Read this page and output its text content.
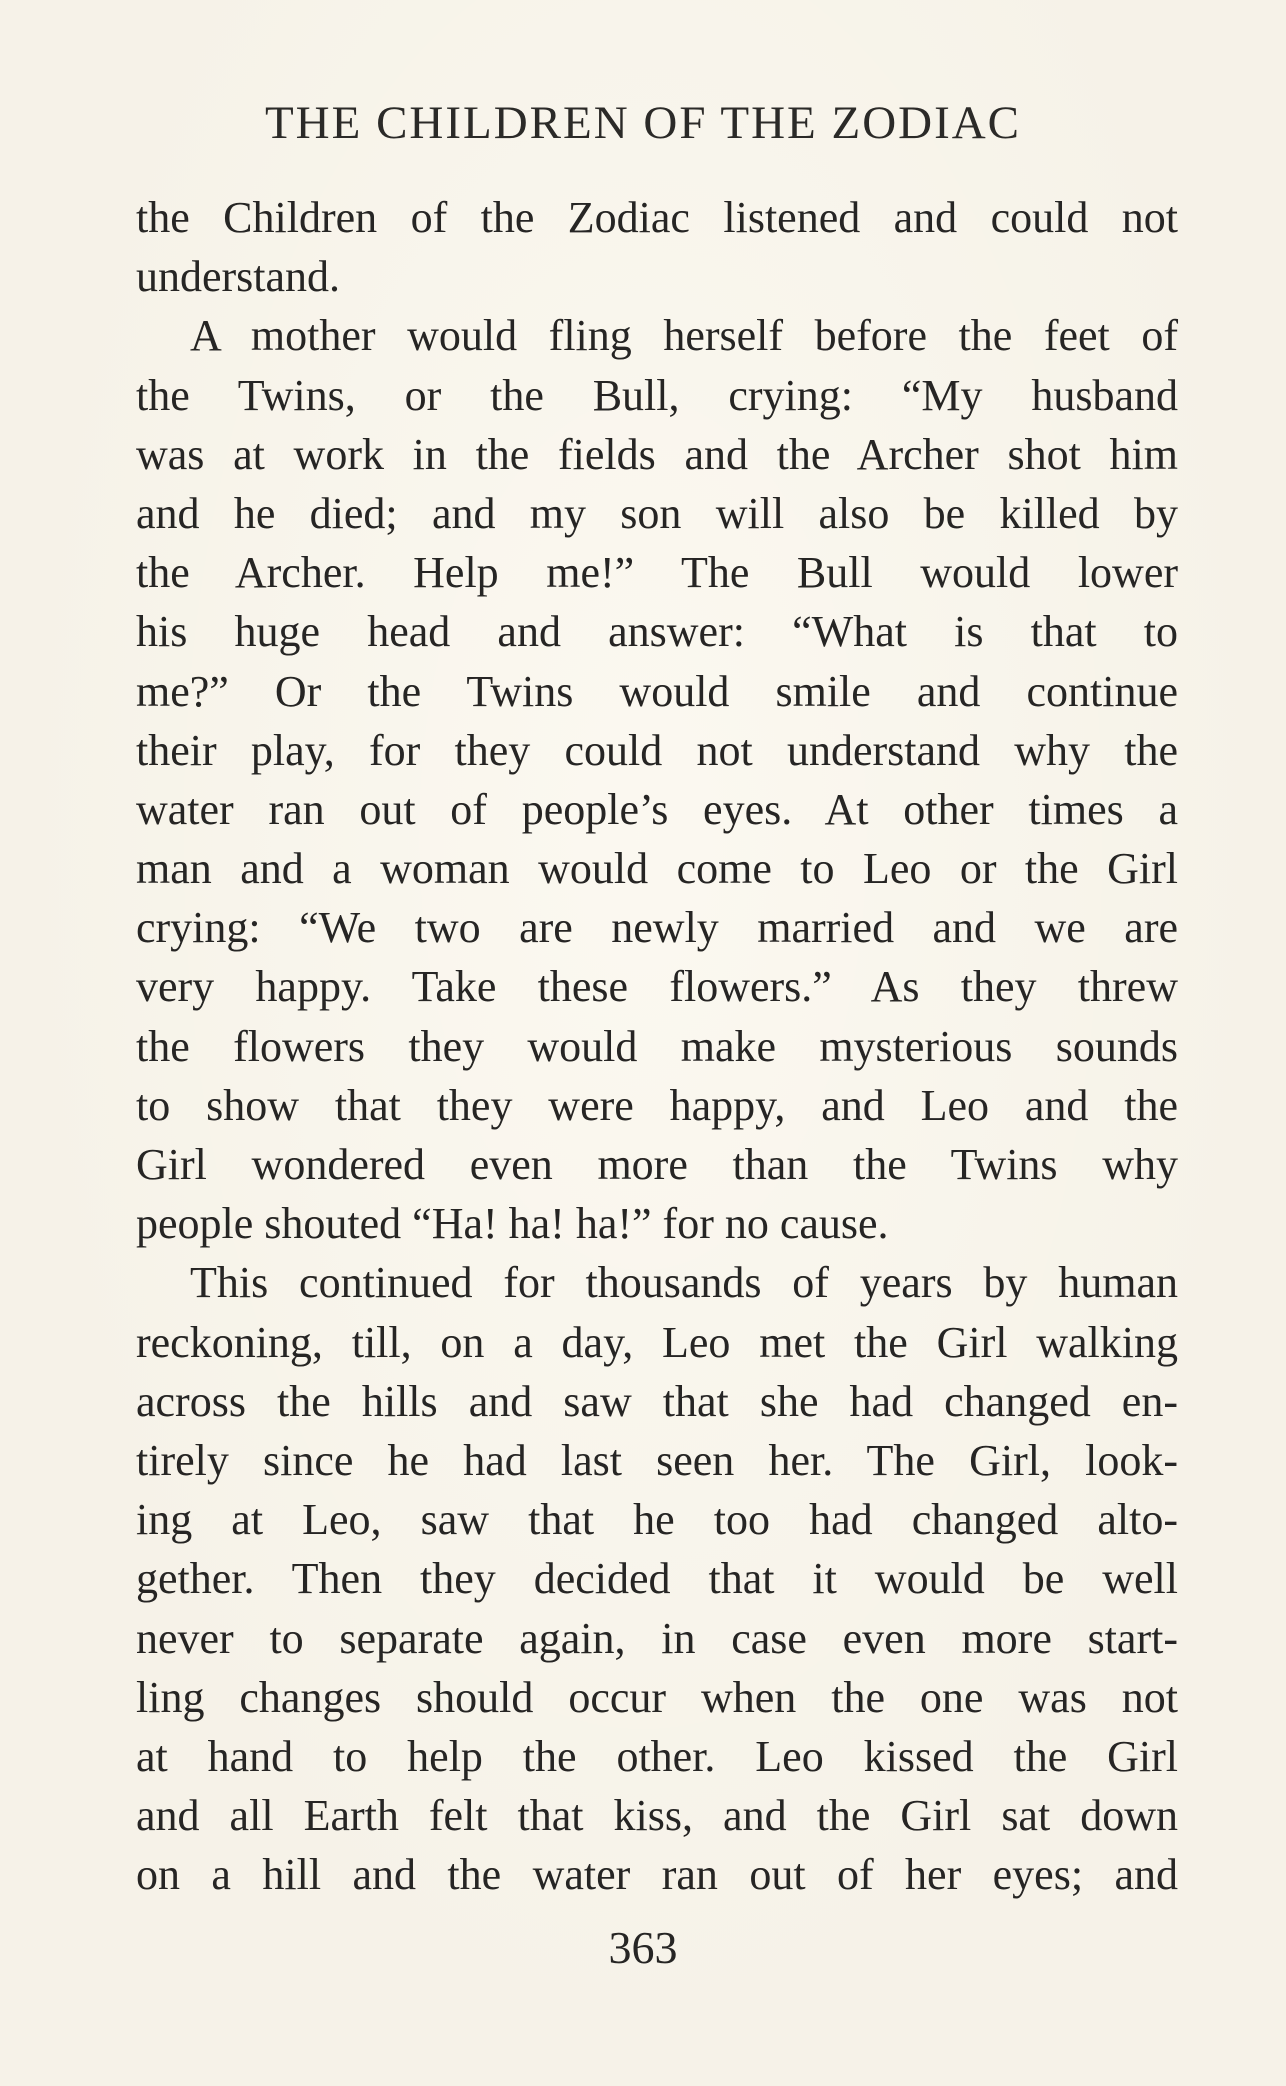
THE CHILDREN OF THE ZODIAC
the Children of the Zodiac listened and could not
understand.
A mother would fling herself before the feet of
the Twins, or the Bull, crying: “My husband
was at work in the fields and the Archer shot him
and he died; and my son will also be killed by
the Archer. Help me!” The Bull would lower
his huge head and answer: “What is that to
me?” Or the Twins would smile and continue
their play, for they could not understand why the
water ran out of people’s eyes. At other times a
man and a woman would come to Leo or the Girl
crying: “We two are newly married and we are
very happy. Take these flowers.” As they threw
the flowers they would make mysterious sounds
to show that they were happy, and Leo and the
Girl wondered even more than the Twins why
people shouted “Ha! ha! ha!” for no cause.
This continued for thousands of years by human
reckoning, till, on a day, Leo met the Girl walking
across the hills and saw that she had changed en-
tirely since he had last seen her. The Girl, look-
ing at Leo, saw that he too had changed alto-
gether. Then they decided that it would be well
never to separate again, in case even more start-
ling changes should occur when the one was not
at hand to help the other. Leo kissed the Girl
and all Earth felt that kiss, and the Girl sat down
on a hill and the water ran out of her eyes; and
363
